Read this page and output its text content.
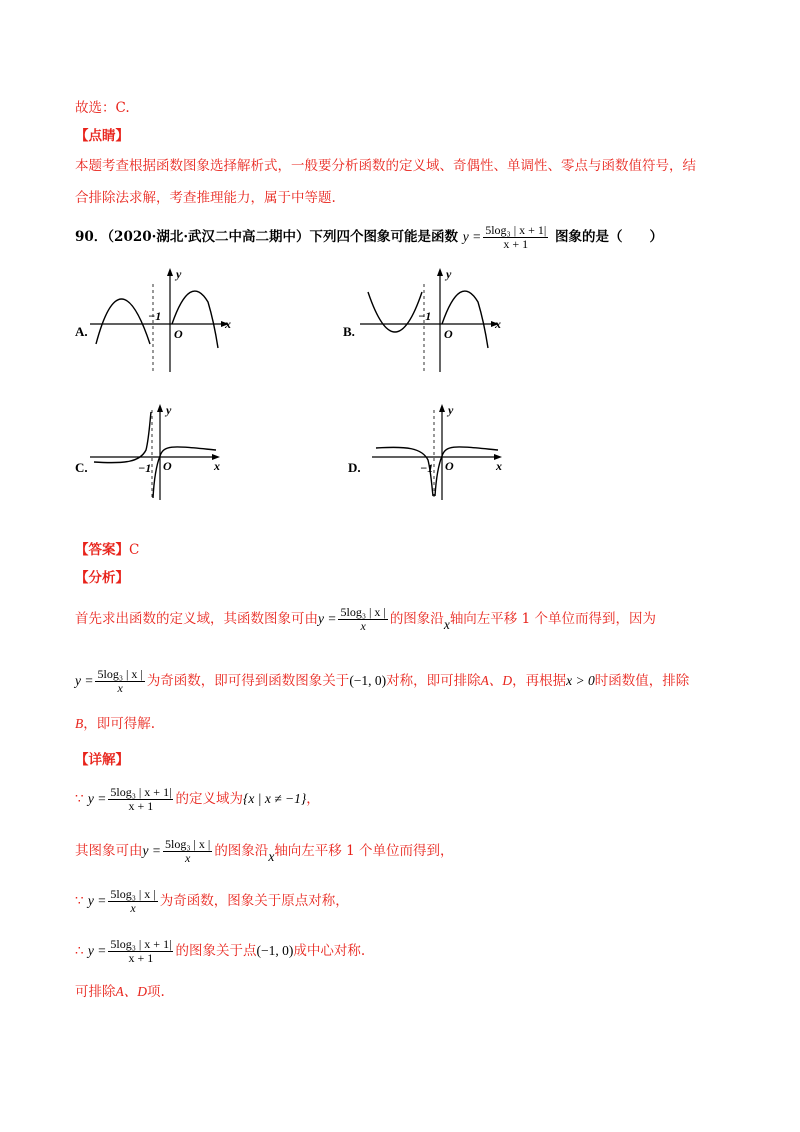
故选：C.
【点睛】
本题考查根据函数图象选择解析式，一般要分析函数的定义域、奇偶性、单调性、零点与函数值符号，结
合排除法求解，考查推理能力，属于中等题.
90．（2020·湖北·武汉二中高二期中）下列四个图象可能是函数 $y = \frac{\text{5log₃ | x + 1|}}{x + 1}$ 图象的是（　　）
A.
y
x
O
−1
B.
y
x
O
−1
C.
y
x
O
−1	D.
y
x
O
−1
【答案】C
【分析】
首先求出函数的定义域，其函数图象可由$y = \frac{\text{5log₃ | x |}}{x}$ 的图象沿x轴向左平移 1 个单位而得到，因为
$y = \frac{\text{5log₃ | x |}}{x}$ 为奇函数，即可得到函数图象关于(−1, 0)对称，即可排除A、D，再根据x > 0时函数值，排除
B，即可得解.
【详解】
∵ $y = \frac{\text{5log₃ | x + 1|}}{x + 1}$ 的定义域为{x | x ≠ −1}，
其图象可由$y = \frac{\text{5log₃ | x |}}{x}$ 的图象沿x轴向左平移 1 个单位而得到，
∵ $y = \frac{\text{5log₃ | x |}}{x}$ 为奇函数，图象关于原点对称，
∴ $y = \frac{\text{5log₃ | x + 1|}}{x + 1}$ 的图象关于点(−1, 0)成中心对称.
可排除A、D项.
